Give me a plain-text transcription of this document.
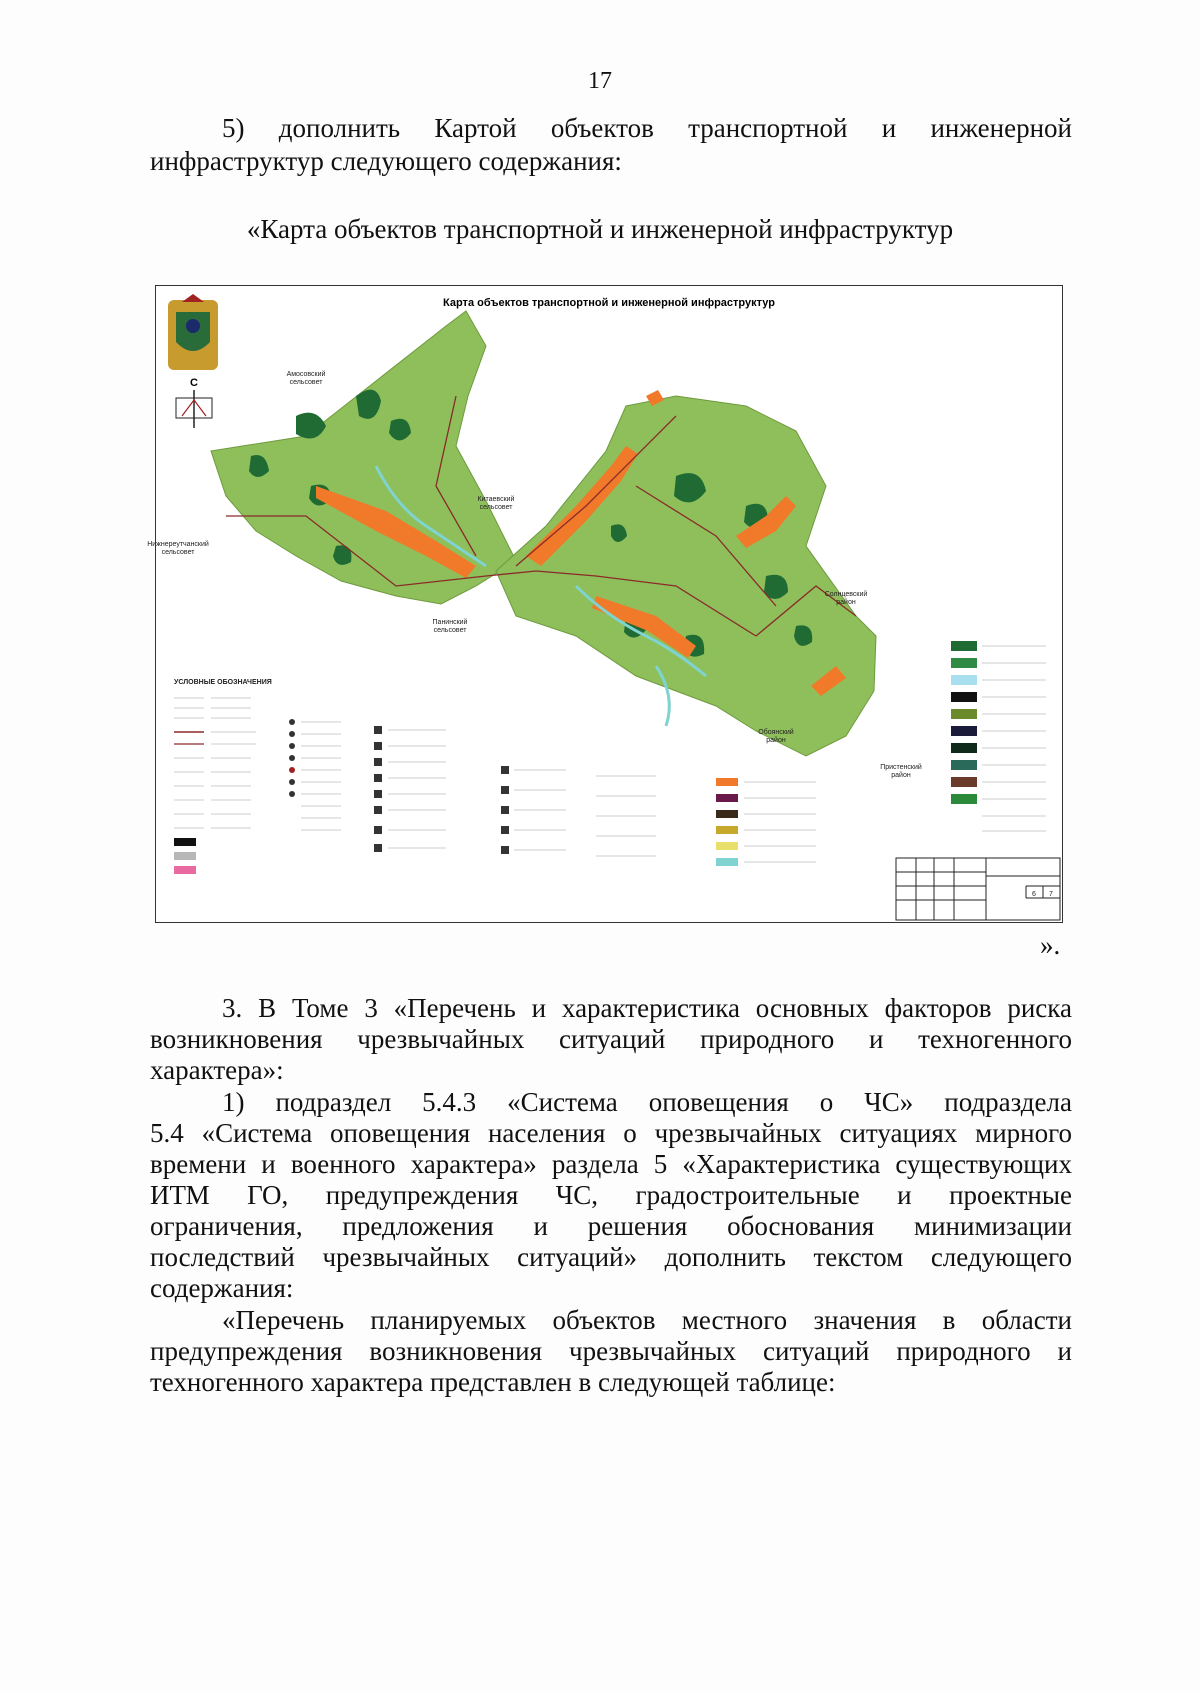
17
5) дополнить Картой объектов транспортной и инженерной
инфраструктур следующего содержания:
«Карта объектов транспортной и инженерной инфраструктур
Карта объектов транспортной и инженерной инфраструктур
С
Амосовский
сельсовет
Нижнереутчанский
сельсовет
Китаевский
сельсовет
Панинский
сельсовет
Солнцевский
район
Обоянский
район
Пристенский
район
УСЛОВНЫЕ ОБОЗНАЧЕНИЯ
6 7
».
3. В Томе 3 «Перечень и характеристика основных факторов риска
возникновения чрезвычайных ситуаций природного и техногенного
характера»:
1) подраздел 5.4.3 «Система оповещения о ЧС» подраздела
5.4 «Система оповещения населения о чрезвычайных ситуациях мирного
времени и военного характера» раздела 5 «Характеристика существующих
ИТМ ГО, предупреждения ЧС, градостроительные и проектные
ограничения, предложения и решения обоснования минимизации
последствий чрезвычайных ситуаций» дополнить текстом следующего
содержания:
«Перечень планируемых объектов местного значения в области
предупреждения возникновения чрезвычайных ситуаций природного и
техногенного характера представлен в следующей таблице:
